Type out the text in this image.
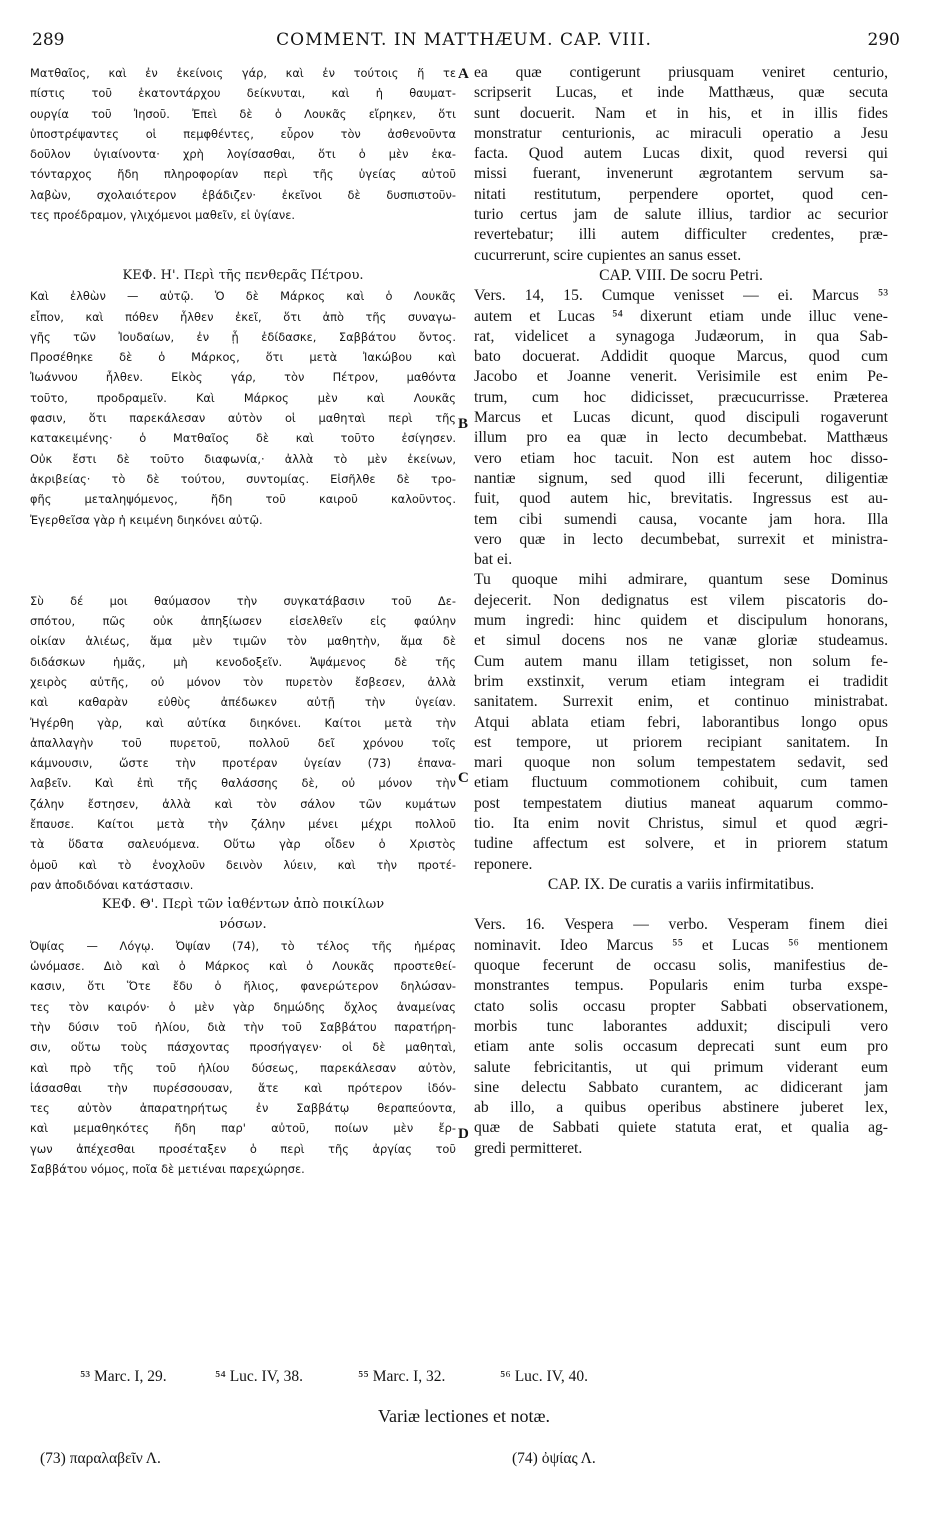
289	COMMENT. IN MATTHÆUM. CAP. VIII.	290
Ματθαῖος, καὶ ἐν ἐκείνοις γάρ, καὶ ἐν τούτοις ἥ τε
πίστις τοῦ ἑκατοντάρχου δείκνυται, καὶ ἡ θαυματ-
ουργία τοῦ Ἰησοῦ. Ἐπεὶ δὲ ὁ Λουκᾶς εἴρηκεν, ὅτι
ὑποστρέψαντες οἱ πεμφθέντες, εὗρον τὸν ἀσθενοῦντα
δοῦλον ὑγιαίνοντα· χρὴ λογίσασθαι, ὅτι ὁ μὲν ἑκα-
τόνταρχος ἤδη πληροφορίαν περὶ τῆς ὑγείας αὐτοῦ
λαβὼν, σχολαιότερον ἐβάδιζεν· ἐκεῖνοι δὲ δυσπιστοῦν-
τες προέδραμον, γλιχόμενοι μαθεῖν, εἰ ὑγίανε.

ΚΕΦ. Η'. Περὶ τῆς πενθερᾶς Πέτρου.
Καὶ ἐλθὼν — αὐτῷ. Ὁ δὲ Μάρκος καὶ ὁ Λουκᾶς
εἶπον, καὶ πόθεν ἦλθεν ἐκεῖ, ὅτι ἀπὸ τῆς συναγω-
γῆς τῶν Ἰουδαίων, ἐν ᾗ ἐδίδασκε, Σαββάτου ὄντος.
Προσέθηκε δὲ ὁ Μάρκος, ὅτι μετὰ Ἰακώβου καὶ
Ἰωάννου ἦλθεν. Εἰκὸς γάρ, τὸν Πέτρον, μαθόντα
τοῦτο, προδραμεῖν. Καὶ Μάρκος μὲν καὶ Λουκᾶς
φασιν, ὅτι παρεκάλεσαν αὐτὸν οἱ μαθηταὶ περὶ τῆς
κατακειμένης· ὁ Ματθαῖος δὲ καὶ τοῦτο ἐσίγησεν.
Οὐκ ἔστι δὲ τοῦτο διαφωνία,· ἀλλὰ τὸ μὲν ἐκείνων,
ἀκριβείας· τὸ δὲ τούτου, συντομίας. Εἰσῆλθε δὲ τρο-
φῆς μεταληψόμενος, ἤδη τοῦ καιροῦ καλοῦντος.
Ἐγερθεῖσα γὰρ ἡ κειμένη διηκόνει αὐτῷ.

Σὺ δέ μοι θαύμασον τὴν συγκατάβασιν τοῦ Δε-
σπότου, πῶς οὐκ ἀπηξίωσεν εἰσελθεῖν εἰς φαύλην
οἰκίαν ἁλιέως, ἅμα μὲν τιμῶν τὸν μαθητὴν, ἅμα δὲ
διδάσκων ἡμᾶς, μὴ κενοδοξεῖν. Ἁψάμενος δὲ τῆς
χειρὸς αὐτῆς, οὐ μόνον τὸν πυρετὸν ἔσβεσεν, ἀλλὰ
καὶ καθαρὰν εὐθὺς ἀπέδωκεν αὐτῇ τὴν ὑγείαν.
Ἠγέρθη γὰρ, καὶ αὐτίκα διηκόνει. Καίτοι μετὰ τὴν
ἀπαλλαγὴν τοῦ πυρετοῦ, πολλοῦ δεῖ χρόνου τοῖς
κάμνουσιν, ὥστε τὴν προτέραν ὑγείαν (73) ἐπανα-
λαβεῖν. Καὶ ἐπὶ τῆς θαλάσσης δὲ, οὐ μόνον τὴν
ζάλην ἔστησεν, ἀλλὰ καὶ τὸν σάλον τῶν κυμάτων
ἔπαυσε. Καίτοι μετὰ τὴν ζάλην μένει μέχρι πολλοῦ
τὰ ὕδατα σαλευόμενα. Οὕτω γὰρ οἶδεν ὁ Χριστὸς
ὁμοῦ καὶ τὸ ἐνοχλοῦν δεινὸν λύειν, καὶ τὴν προτέ-
ραν ἀποδιδόναι κατάστασιν.
ΚΕΦ. Θ'. Περὶ τῶν ἰαθέντων ἀπὸ ποικίλων
νόσων.
Ὀψίας — Λόγῳ. Ὀψίαν (74), τὸ τέλος τῆς ἡμέρας
ὠνόμασε. Διὸ καὶ ὁ Μάρκος καὶ ὁ Λουκᾶς προστεθεί-
κασιν, ὅτι Ὅτε ἔδυ ὁ ἥλιος, φανερώτερον δηλώσαν-
τες τὸν καιρόν· ὁ μὲν γὰρ δημώδης ὄχλος ἀναμείνας
τὴν δύσιν τοῦ ἡλίου, διὰ τὴν τοῦ Σαββάτου παρατήρη-
σιν, οὕτω τοὺς πάσχοντας προσήγαγεν· οἱ δὲ μαθηταὶ,
καὶ πρὸ τῆς τοῦ ἡλίου δύσεως, παρεκάλεσαν αὐτὸν,
ἰάσασθαι τὴν πυρέσσουσαν, ἅτε καὶ πρότερον ἰδόν-
τες αὐτὸν ἀπαρατηρήτως ἐν Σαββάτῳ θεραπεύοντα,
καὶ μεμαθηκότες ἤδη παρ' αὐτοῦ, ποίων μὲν ἔρ-
γων ἀπέχεσθαι προσέταξεν ὁ περὶ τῆς ἀργίας τοῦ
Σαββάτου νόμος, ποῖα δὲ μετιέναι παρεχώρησε.
ea quæ contigerunt priusquam veniret centurio,
scripserit Lucas, et inde Matthæus, quæ secuta
sunt docuerit. Nam et in his, et in illis fides
monstratur centurionis, ac miraculi operatio a Jesu
facta. Quod autem Lucas dixit, quod reversi qui
missi fuerant, invenerunt ægrotantem servum sa-
nitati restitutum, perpendere oportet, quod cen-
turio certus jam de salute illius, tardior ac securior
revertebatur; illi autem difficulter credentes, præ-
cucurrerunt, scire cupientes an sanus esset.
CAP. VIII. De socru Petri.
Vers. 14, 15. Cumque venisset — ei. Marcus ⁵³
autem et Lucas ⁵⁴ dixerunt etiam unde illuc vene-
rat, videlicet a synagoga Judæorum, in qua Sab-
bato docuerat. Addidit quoque Marcus, quod cum
Jacobo et Joanne venerit. Verisimile est enim Pe-
trum, cum hoc didicisset, præcucurrisse. Præterea
Marcus et Lucas dicunt, quod discipuli rogaverunt
illum pro ea quæ in lecto decumbebat. Matthæus
vero etiam hoc tacuit. Non est autem hoc disso-
nantiæ signum, sed quod illi fecerunt, diligentiæ
fuit, quod autem hic, brevitatis. Ingressus est au-
tem cibi sumendi causa, vocante jam hora. Illa
vero quæ in lecto decumbebat, surrexit et ministra-
bat ei.
Tu quoque mihi admirare, quantum sese Dominus
dejecerit. Non dedignatus est vilem piscatoris do-
mum ingredi: hinc quidem et discipulum honorans,
et simul docens nos ne vanæ gloriæ studeamus.
Cum autem manu illam tetigisset, non solum fe-
brim exstinxit, verum etiam integram ei tradidit
sanitatem. Surrexit enim, et continuo ministrabat.
Atqui ablata etiam febri, laborantibus longo opus
est tempore, ut priorem recipiant sanitatem. In
mari quoque non solum tempestatem sedavit, sed
etiam fluctuum commotionem cohibuit, cum tamen
post tempestatem diutius maneat aquarum commo-
tio. Ita enim novit Christus, simul et quod ægri-
tudine affectum est solvere, et in priorem statum
reponere.
CAP. IX. De curatis a variis infirmitatibus.

Vers. 16. Vespera — verbo. Vesperam finem diei
nominavit. Ideo Marcus ⁵⁵ et Lucas ⁵⁶ mentionem
quoque fecerunt de occasu solis, manifestius de-
monstrantes tempus. Popularis enim turba exspe-
ctato solis occasu propter Sabbati observationem,
morbis tunc laborantes adduxit; discipuli vero
etiam ante solis occasum deprecati sunt eum pro
salute febricitantis, ut qui primum viderant eum
sine delectu Sabbato curantem, ac didicerant jam
ab illo, a quibus operibus abstinere juberet lex,
quæ de Sabbati quiete statuta erat, et qualia ag-
gredi permitteret.
A
B
C
D
⁵³ Marc. I, 29.	⁵⁴ Luc. IV, 38.	⁵⁵ Marc. I, 32.	⁵⁶ Luc. IV, 40.
Variæ lectiones et notæ.
(73) παραλαβεῖν Λ.	(74) ὀψίας Λ.
